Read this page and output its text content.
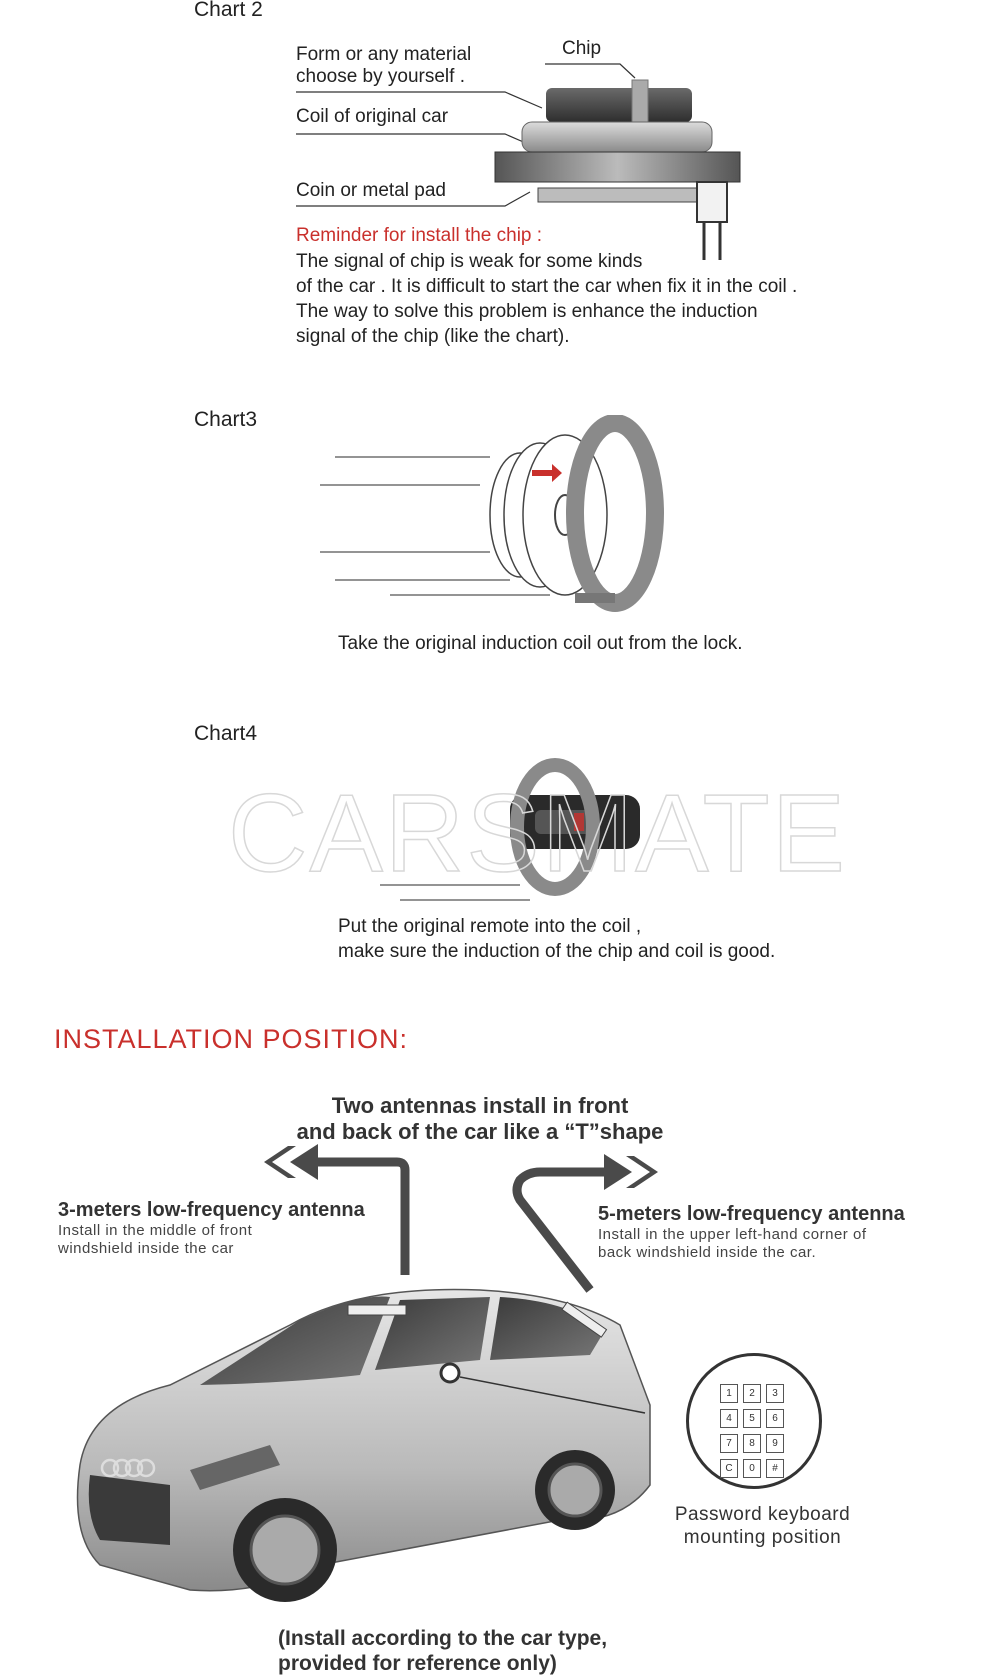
Chart 2
Form or any material
choose by yourself .
Chip
Coil of original car
Coin or metal pad
Reminder for install the chip :
The signal of chip is weak for some kinds
of the car . It is difficult to start the car when fix it in the coil .
The way to solve this problem is enhance the induction
signal of the chip (like the chart).
Chart3
Take the original induction coil out from the lock.
Chart4
CARSMATE
Put the original remote into the coil ,
make sure the induction of the chip and coil is good.
INSTALLATION POSITION:
Two antennas install in front
and back of the car like a “T”shape
3-meters low-frequency antenna
Install in the middle of front
windshield inside the car
5-meters low-frequency antenna
Install in the upper left-hand corner of
back windshield inside the car.
1	2	3
4	5	6
7	8	9
C	0	#
Password keyboard
mounting position
(Install according to the car type,
provided for reference only)
